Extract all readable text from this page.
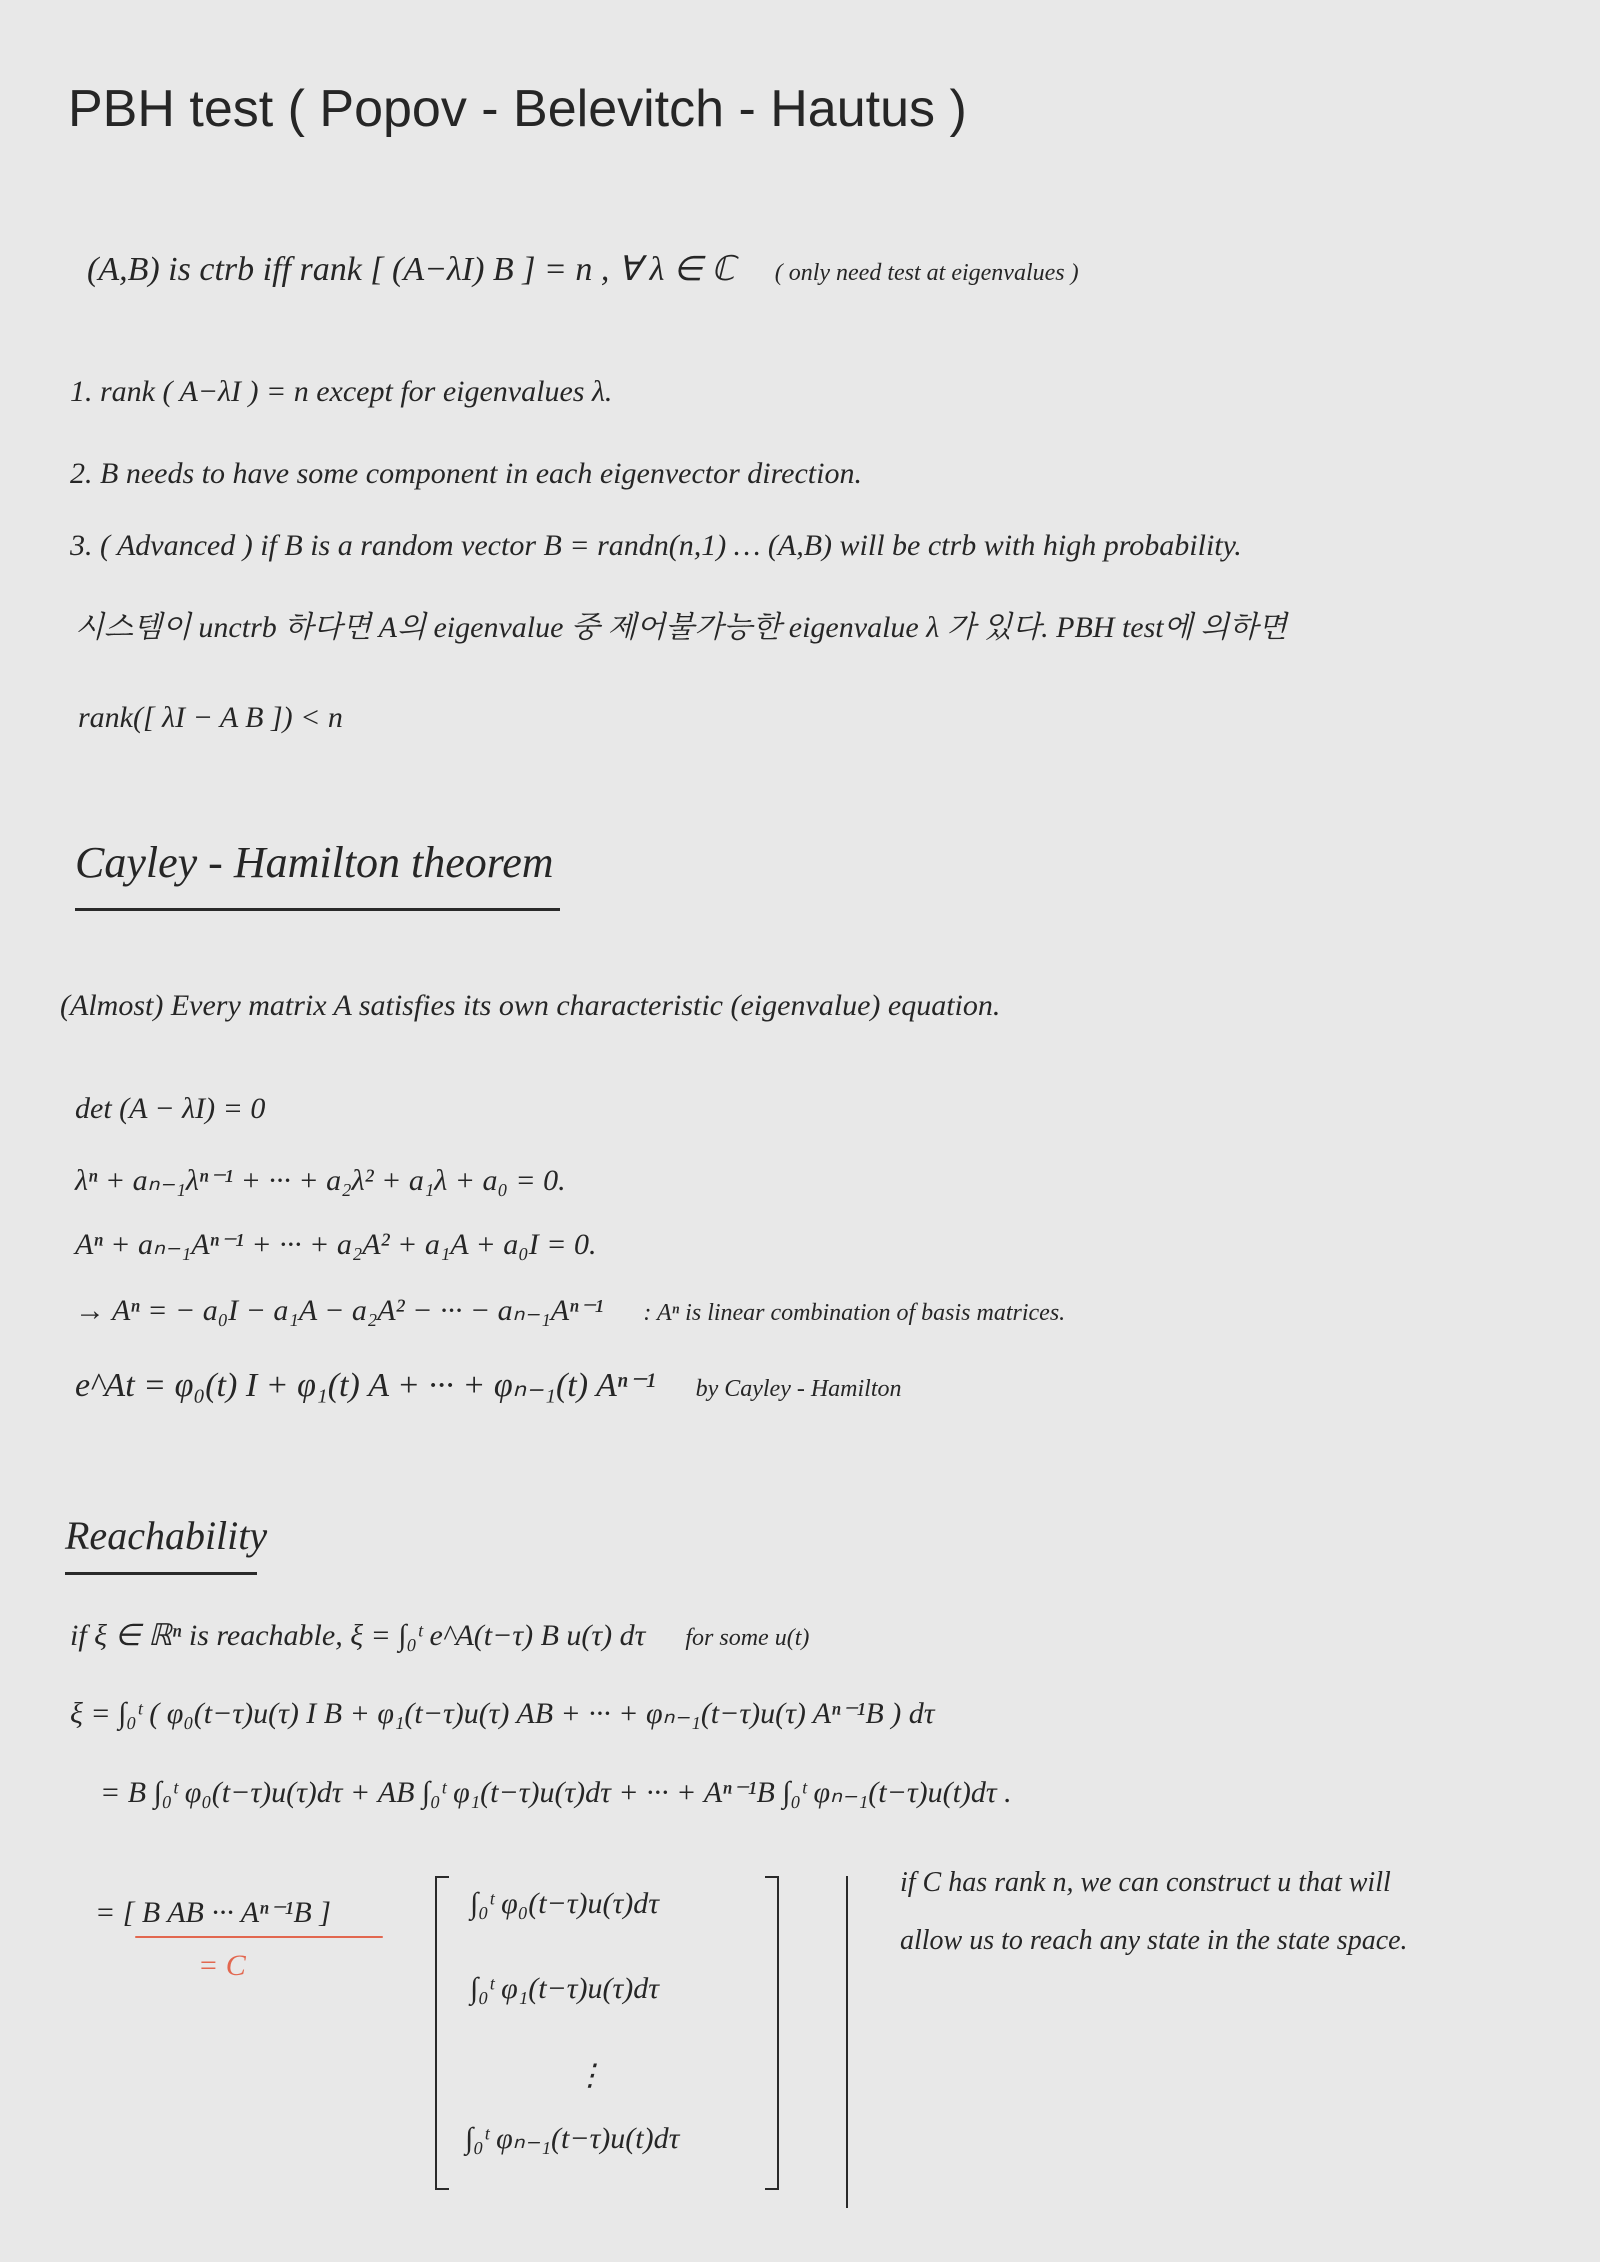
PBH test ( Popov - Belevitch - Hautus )
(A,B) is ctrb iff rank [ (A−λI) B ] = n , ∀ λ ∈ ℂ ( only need test at eigenvalues )
1. rank ( A−λI ) = n except for eigenvalues λ.
2. B needs to have some component in each eigenvector direction.
3. ( Advanced ) if B is a random vector B = randn(n,1) … (A,B) will be ctrb with high probability.
시스템이 unctrb 하다면 A의 eigenvalue 중 제어불가능한 eigenvalue λ 가 있다. PBH test에 의하면
rank([ λI − A B ]) < n
Cayley - Hamilton theorem
(Almost) Every matrix A satisfies its own characteristic (eigenvalue) equation.
det (A − λI) = 0
λⁿ + aₙ₋₁λⁿ⁻¹ + ··· + a₂λ² + a₁λ + a₀ = 0.
Aⁿ + aₙ₋₁Aⁿ⁻¹ + ··· + a₂A² + a₁A + a₀I = 0.
→ Aⁿ = − a₀I − a₁A − a₂A² − ··· − aₙ₋₁Aⁿ⁻¹ : Aⁿ is linear combination of basis matrices.
e^At = φ₀(t) I + φ₁(t) A + ··· + φₙ₋₁(t) Aⁿ⁻¹ by Cayley - Hamilton
Reachability
if ξ ∈ ℝⁿ is reachable, ξ = ∫₀ᵗ e^A(t−τ) B u(τ) dτ for some u(t)
ξ = ∫₀ᵗ ( φ₀(t−τ)u(τ) I B + φ₁(t−τ)u(τ) AB + ··· + φₙ₋₁(t−τ)u(τ) Aⁿ⁻¹B ) dτ
= B ∫₀ᵗ φ₀(t−τ)u(τ)dτ + AB ∫₀ᵗ φ₁(t−τ)u(τ)dτ + ··· + Aⁿ⁻¹B ∫₀ᵗ φₙ₋₁(t−τ)u(t)dτ .
= [ B AB ··· Aⁿ⁻¹B ]
= C
∫₀ᵗ φ₀(t−τ)u(τ)dτ
∫₀ᵗ φ₁(t−τ)u(τ)dτ
⋮
∫₀ᵗ φₙ₋₁(t−τ)u(t)dτ
if C has rank n, we can construct u that will
allow us to reach any state in the state space.
